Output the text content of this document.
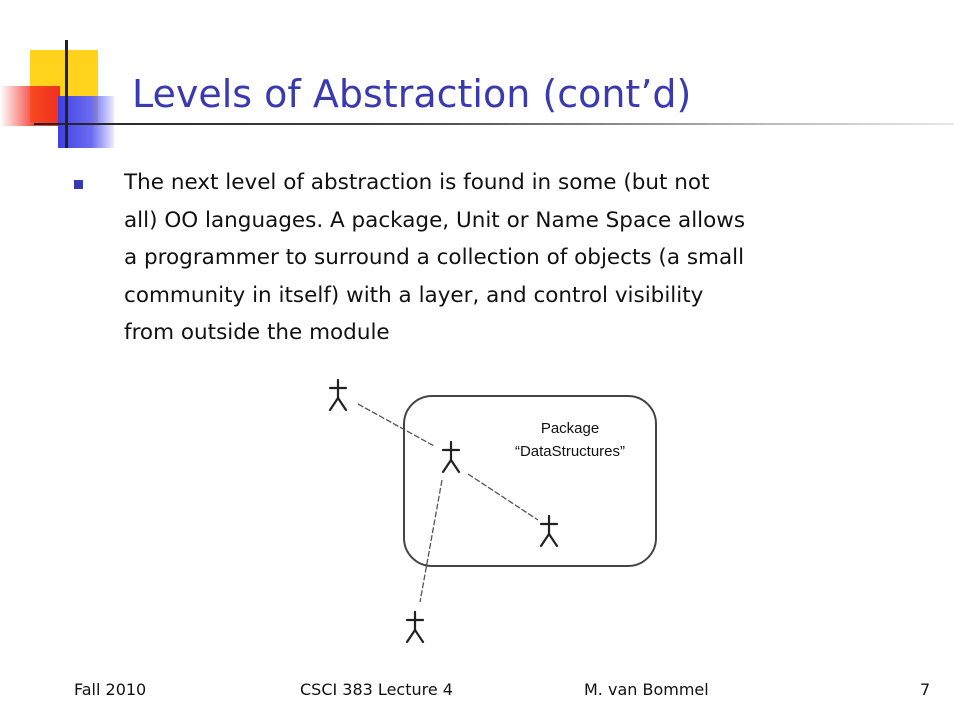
Levels of Abstraction (cont’d)

The next level of abstraction is found in some (but not
all) OO languages. A package, Unit or Name Space allows
a programmer to surround a collection of objects (a small
community in itself) with a layer, and control visibility
from outside the module

Package
“DataStructures”
Fall 2010	CSCI 383 Lecture 4	M. van Bommel	7
